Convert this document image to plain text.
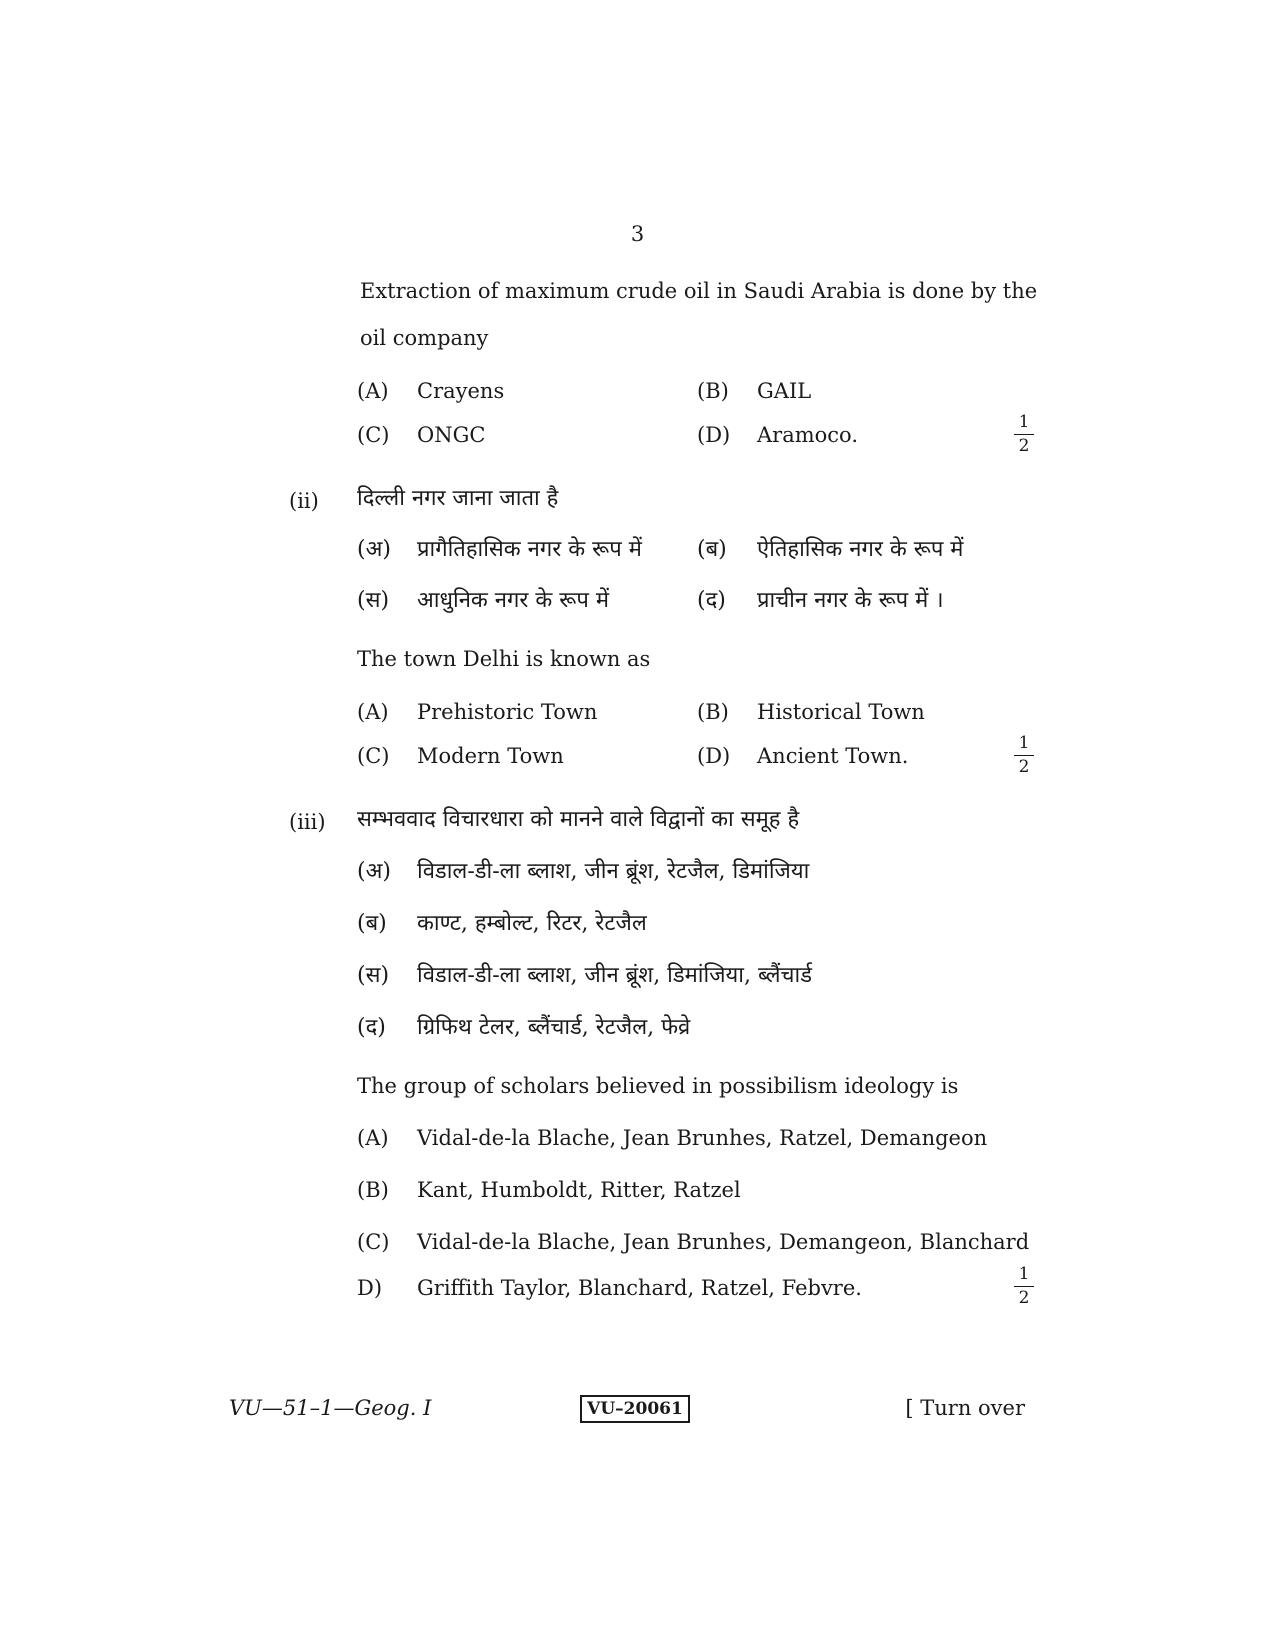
3
Extraction of maximum crude oil in Saudi Arabia is done by the oil company
(A) Crayens	(B) GAIL
(C) ONGC	(D) Aramoco.
1
2
(ii) दिल्ली नगर जाना जाता है
(अ) प्रागैतिहासिक नगर के रूप में	(ब) ऐतिहासिक नगर के रूप में
(स) आधुनिक नगर के रूप में	(द) प्राचीन नगर के रूप में ।
The town Delhi is known as
(A) Prehistoric Town	(B) Historical Town
(C) Modern Town	(D) Ancient Town.
1
2
(iii) सम्भववाद विचारधारा को मानने वाले विद्वानों का समूह है
(अ) विडाल-डी-ला ब्लाश, जीन ब्रूंश, रेटजैल, डिमांजिया
(ब) काण्ट, हम्बोल्ट, रिटर, रेटजैल
(स) विडाल-डी-ला ब्लाश, जीन ब्रूंश, डिमांजिया, ब्लैंचार्ड
(द) ग्रिफिथ टेलर, ब्लैंचार्ड, रेटजैल, फेव्रे
The group of scholars believed in possibilism ideology is
(A) Vidal-de-la Blache, Jean Brunhes, Ratzel, Demangeon
(B) Kant, Humboldt, Ritter, Ratzel
(C) Vidal-de-la Blache, Jean Brunhes, Demangeon, Blanchard
D) Griffith Taylor, Blanchard, Ratzel, Febvre.
1
2
VU—51–1—Geog. I	VU–20061	[ Turn over
